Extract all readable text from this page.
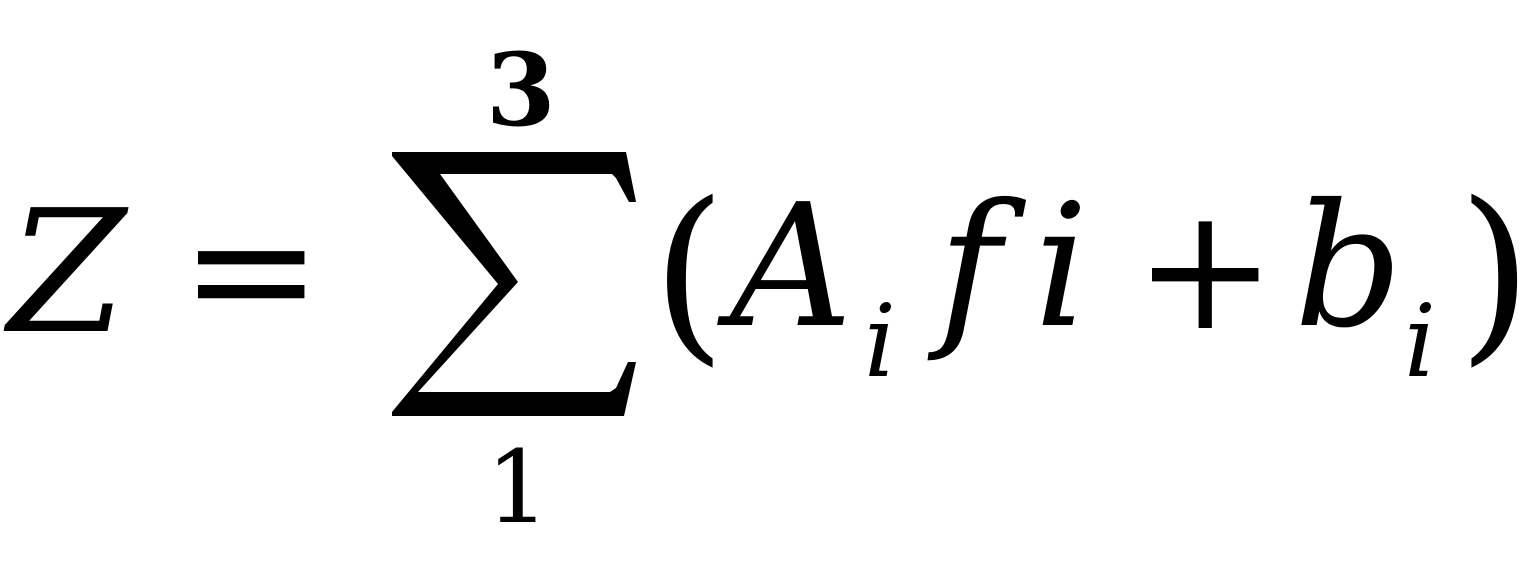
Z =
3
1
( A i f i + b i )
